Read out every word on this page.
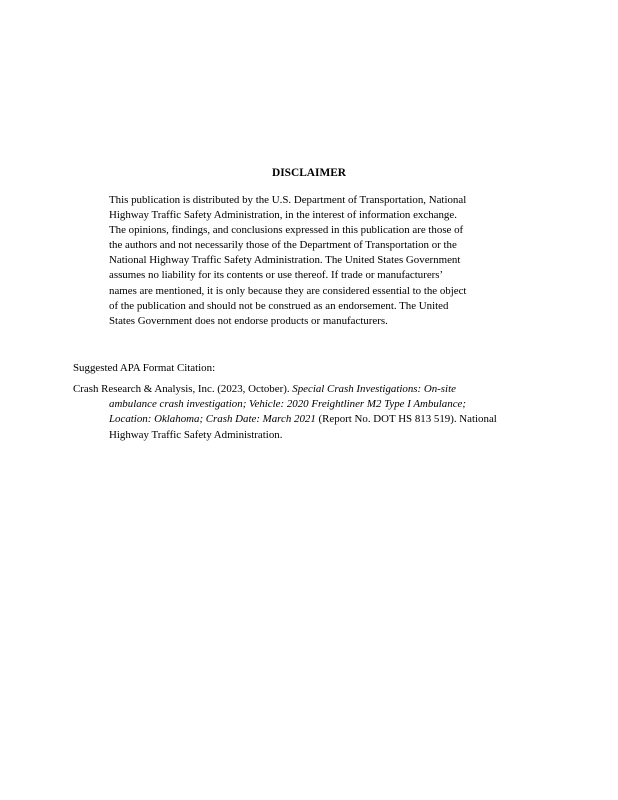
DISCLAIMER

This publication is distributed by the U.S. Department of Transportation, National
Highway Traffic Safety Administration, in the interest of information exchange.
The opinions, findings, and conclusions expressed in this publication are those of
the authors and not necessarily those of the Department of Transportation or the
National Highway Traffic Safety Administration. The United States Government
assumes no liability for its contents or use thereof. If trade or manufacturers’
names are mentioned, it is only because they are considered essential to the object
of the publication and should not be construed as an endorsement. The United
States Government does not endorse products or manufacturers.

Suggested APA Format Citation:

Crash Research & Analysis, Inc. (2023, October). Special Crash Investigations: On-site
ambulance crash investigation; Vehicle: 2020 Freightliner M2 Type I Ambulance;
Location: Oklahoma; Crash Date: March 2021 (Report No. DOT HS 813 519). National
Highway Traffic Safety Administration.
